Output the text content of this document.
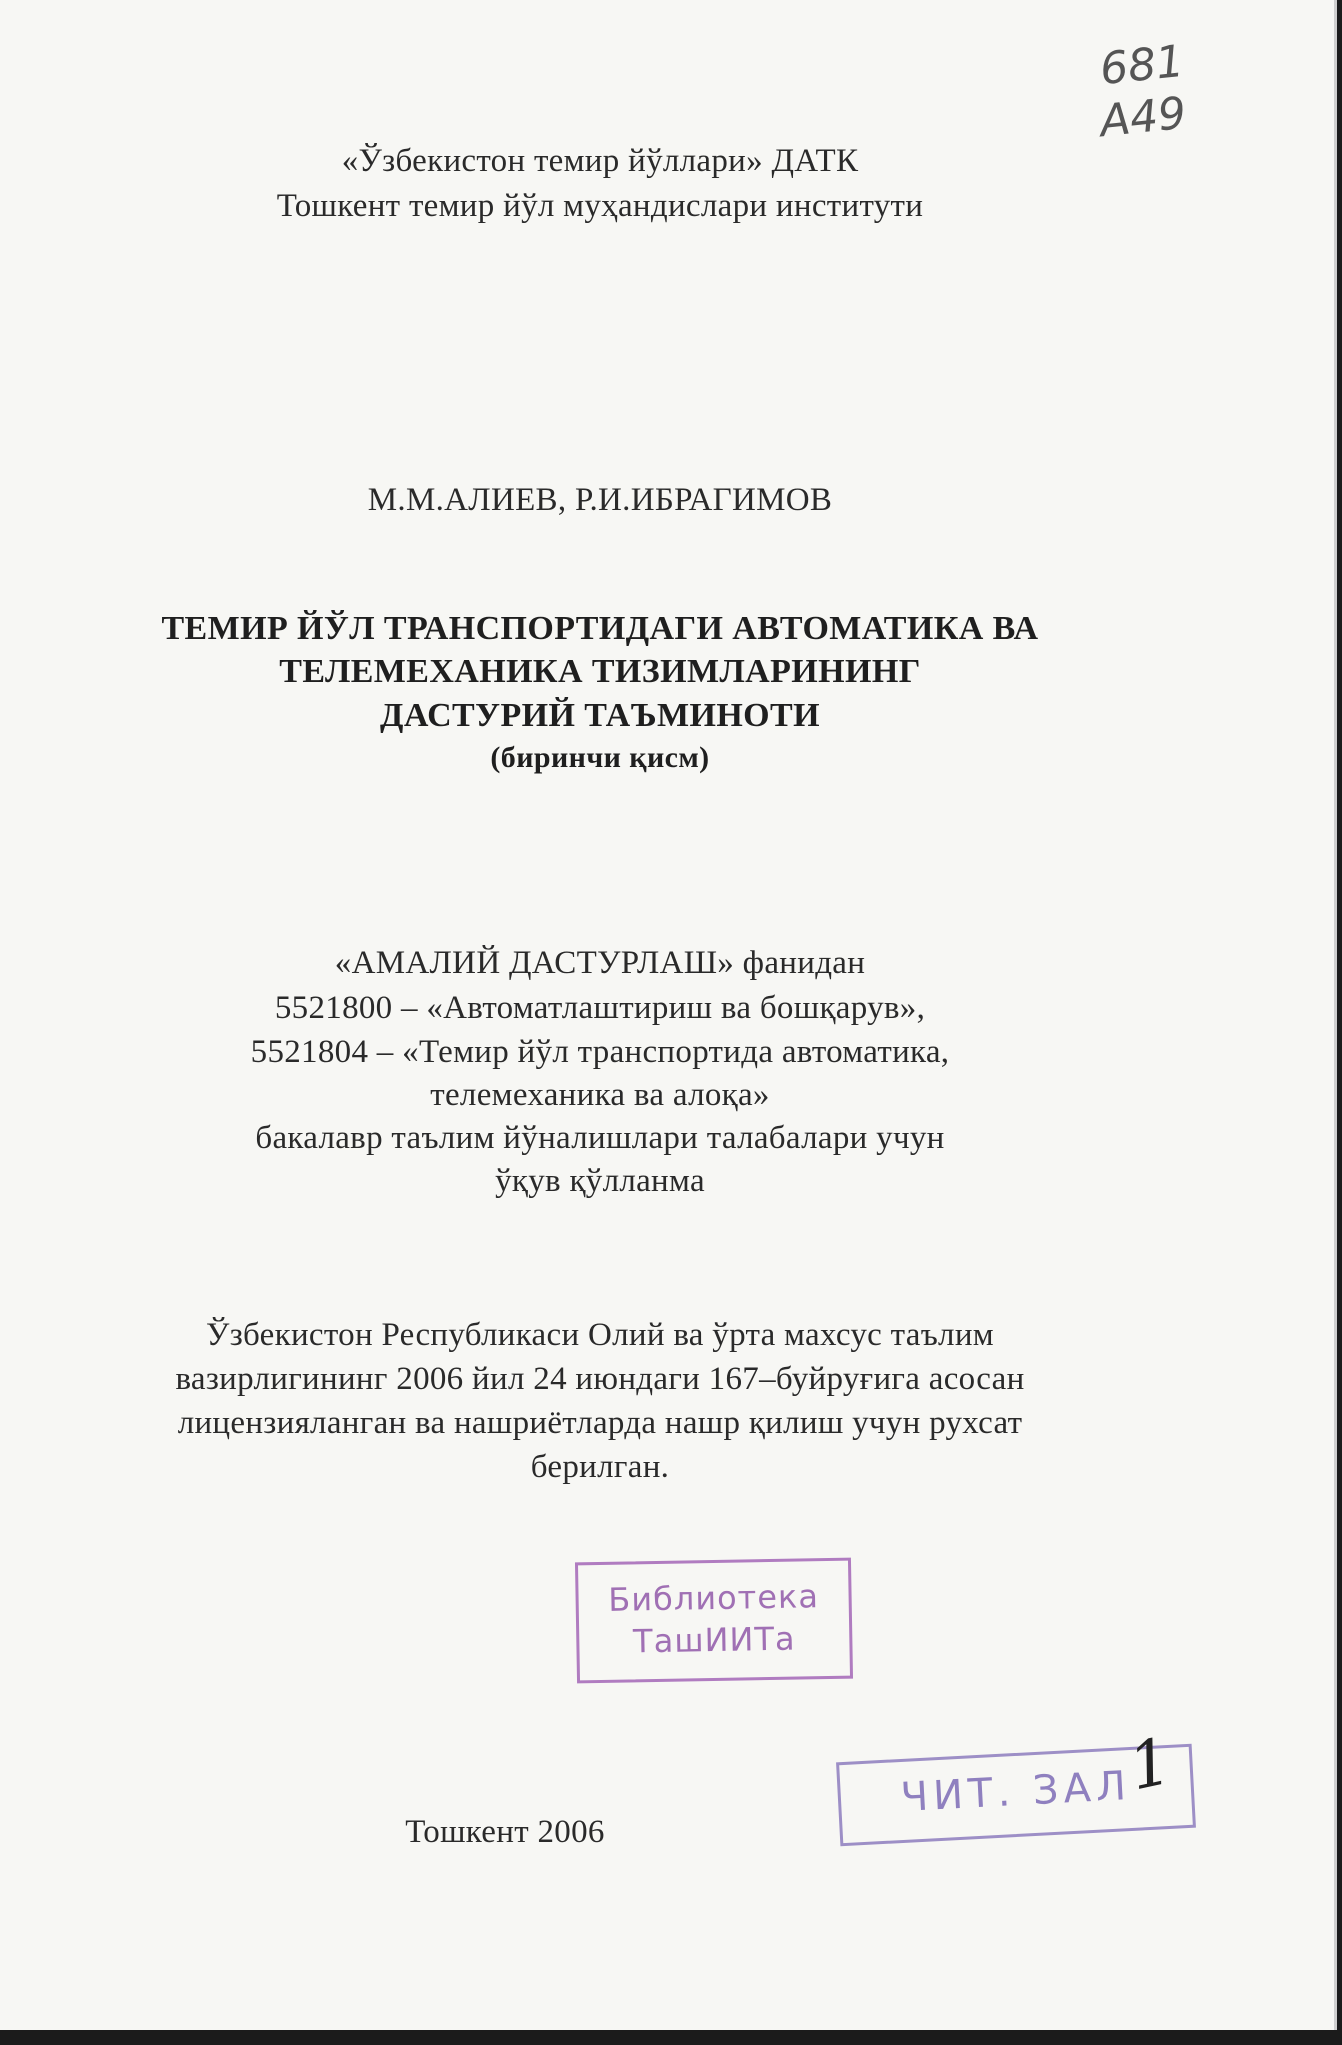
681
A49
«Ўзбекистон темир йўллари» ДАТК
Тошкент темир йўл муҳандислари институти
М.М.АЛИЕВ, Р.И.ИБРАГИМОВ
ТЕМИР ЙЎЛ ТРАНСПОРТИДАГИ АВТОМАТИКА ВА
ТЕЛЕМЕХАНИКА ТИЗИМЛАРИНИНГ
ДАСТУРИЙ ТАЪМИНОТИ
(биринчи қисм)
«АМАЛИЙ ДАСТУРЛАШ» фанидан
5521800 – «Автоматлаштириш ва бошқарув»,
5521804 – «Темир йўл транспортида автоматика,
телемеханика ва алоқа»
бакалавр таълим йўналишлари талабалари учун
ўқув қўлланма
Ўзбекистон Республикаси Олий ва ўрта махсус таълим
вазирлигининг 2006 йил 24 июндаги 167–буйруғига асосан
лицензияланган ва нашриётларда нашр қилиш учун рухсат
берилган.
Библиотека
ТашИИТа
ЧИТ. ЗАЛ
1
Тошкент 2006
